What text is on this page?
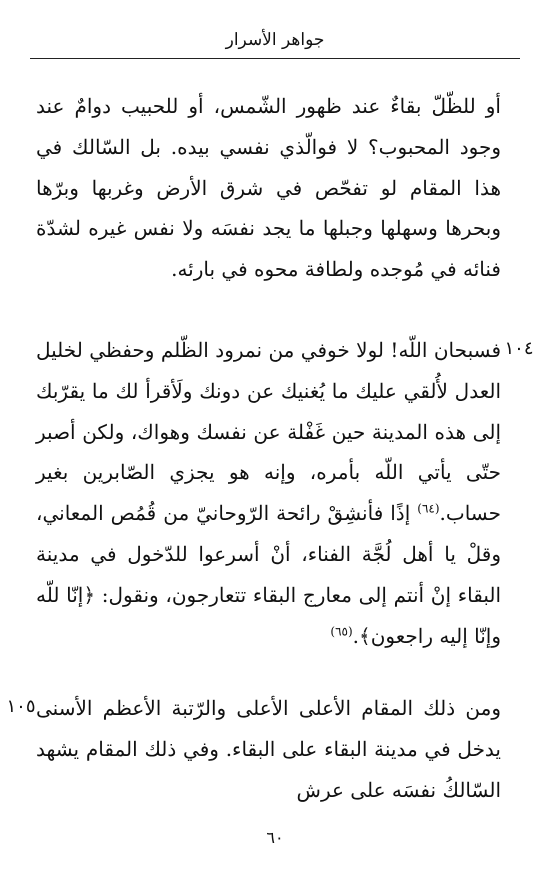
جواهر الأسرار

أو للظّلّ بقاءٌ عند ظهور الشّمس، أو للحبيب دوامٌ عند وجود المحبوب؟ لا فوالّذي نفسي بيده. بل السّالك في هذا المقام لو تفحّص في شرق الأرض وغربها وبرّها وبحرها وسهلها وجبلها ما يجد نفسَه ولا نفس غيره لشدّة فنائه في مُوجده ولطافة محوه في بارئه.

١٠٤

فسبحان اللّه! لولا خوفي من نمرود الظّلم وحفظي لخليل العدل لأُلقي عليك ما يُغنيك عن دونك ولَأقرأ لك ما يقرّبك إلى هذه المدينة حين غَفْلة عن نفسك وهواك، ولكن أصبر حتّى يأتي اللّه بأمره، وإنه هو يجزي الصّابرين بغير حساب.$^{(٦٤)}$ إذًا فأنشِقْ رائحة الرّوحانيّ من قُمُص المعاني، وقلْ يا أهل لُجَّة الفناء، أنْ أسرعوا للدّخول في مدينة البقاء إنْ أنتم إلى معارج البقاء تتعارجون، ونقول: ﴿إنّا للّه وإنّا إليه راجعون﴾.$^{(٦٥)}$

١٠٥ ومن ذلك المقام الأعلى الأعلى والرّتبة الأعظم الأسنى يدخل في مدينة البقاء على البقاء. وفي ذلك المقام يشهد السّالكُ نفسَه على عرش

٦٠
